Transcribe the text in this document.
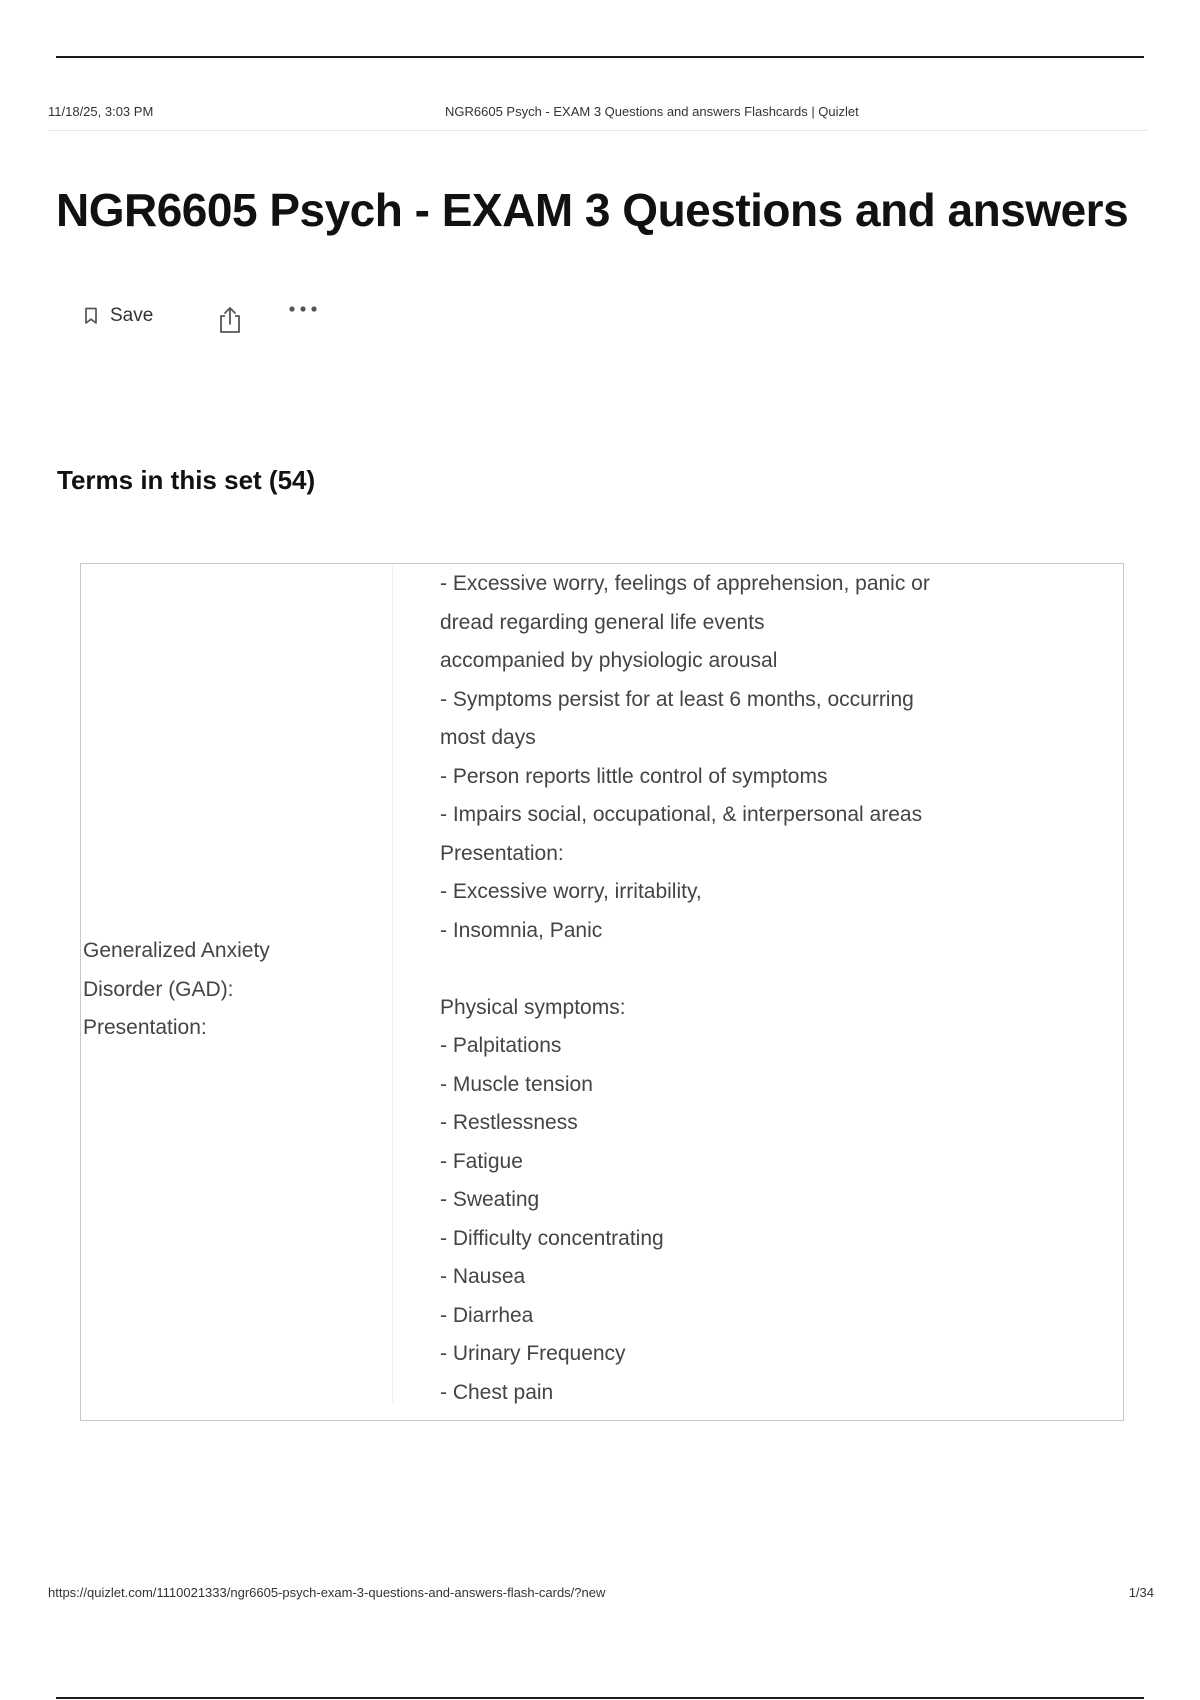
11/18/25, 3:03 PM	NGR6605 Psych - EXAM 3 Questions and answers Flashcards | Quizlet
NGR6605 Psych - EXAM 3 Questions and answers
Save
Terms in this set (54)
Generalized Anxiety
Disorder (GAD):
Presentation:
- Excessive worry, feelings of apprehension, panic or
dread regarding general life events
accompanied by physiologic arousal
- Symptoms persist for at least 6 months, occurring
most days
- Person reports little control of symptoms
- Impairs social, occupational, & interpersonal areas
Presentation:
- Excessive worry, irritability,
- Insomnia, Panic
Physical symptoms:
- Palpitations
- Muscle tension
- Restlessness
- Fatigue
- Sweating
- Difficulty concentrating
- Nausea
- Diarrhea
- Urinary Frequency
- Chest pain
https://quizlet.com/1110021333/ngr6605-psych-exam-3-questions-and-answers-flash-cards/?new	1/34
